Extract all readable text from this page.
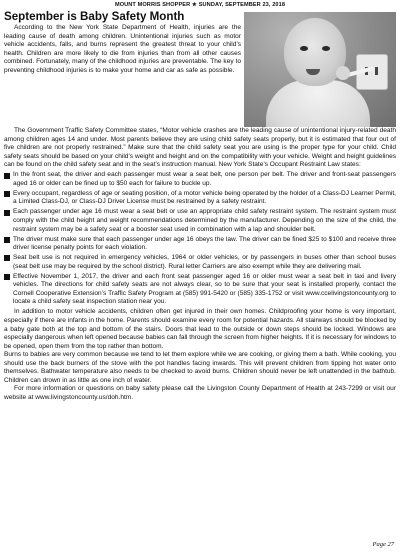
MOUNT MORRIS SHOPPER ★ SUNDAY, SEPTEMBER 23, 2018
September is Baby Safety Month

According to the New York State Department of Health, injuries are the leading cause of death among children. Unintentional injuries such as motor vehicle accidents, falls, and burns represent the greatest threat to your child’s health. Children are more likely to die from injuries than from all other causes combined. Fortunately, many of the childhood injuries are preventable. The key to preventing childhood injuries is to make your home and car as safe as possible.

The Government Traffic Safety Committee states, “Motor vehicle crashes are the leading cause of unintentional injury-related death among children ages 14 and under. Most parents believe they are using child safety seats properly, but it is estimated that four out of five children are not properly restrained.” Make sure that the child safety seat you are using is the proper type for your child. Child safety seats should be based on your child’s weight and height and on the compatibility with your vehicle. Weight and height guidelines can be found on the child safety seat and in the seat’s instruction manual. New York State’s Occupant Restraint Law states:

In the front seat, the driver and each passenger must wear a seat belt, one person per belt. The driver and front-seat passengers aged 16 or older can be fined up to $50 each for failure to buckle up.

Every occupant, regardless of age or seating position, of a motor vehicle being operated by the holder of a Class-DJ Learner Permit, a Limited Class-DJ, or Class-DJ Driver License must be restrained by a safety restraint.

Each passenger under age 16 must wear a seat belt or use an appropriate child safety restraint system. The restraint system must comply with the child height and weight recommendations determined by the manufacturer. Depending on the size of the child, the restraint system may be a safety seat or a booster seat used in combination with a lap and shoulder belt.

The driver must make sure that each passenger under age 16 obeys the law. The driver can be fined $25 to $100 and receive three driver license penalty points for each violation.

Seat belt use is not required in emergency vehicles, 1964 or older vehicles, or by passengers in buses other than school buses (seat belt use may be required by the school district). Rural letter Carriers are also exempt while they are delivering mail.

Effective November 1, 2017, the driver and each front seat passenger aged 16 or older must wear a seat belt in taxi and livery vehicles. The directions for child safety seats are not always clear, so to be sure that your seat is installed properly, contact the Cornell Cooperative Extension’s Traffic Safety Program at (585) 991-5420 or (585) 335-1752 or visit www.ccelivingstoncounty.org to locate a child safety seat inspection station near you.

In addition to motor vehicle accidents, children often get injured in their own homes. Childproofing your home is very important, especially if there are infants in the home. Parents should examine every room for potential hazards. All stairways should be blocked by a baby gate both at the top and bottom of the stairs. Doors that lead to the outside or down steps should be locked. Windows are especially dangerous when left opened because babies can fall through the screen from higher heights. If it is necessary for windows to be opened, open them from the top rather than bottom.

Burns to babies are very common because we tend to let them explore while we are cooking, or giving them a bath. While cooking, you should use the back burners of the stove with the pot handles facing inwards. This will prevent children from tipping hot water onto themselves. Bathwater temperature also needs to be checked to avoid burns. Children should never be left unattended in the bathtub. Children can drown in as little as one inch of water.

For more information or questions on baby safety please call the Livingston County Department of Health at 243-7299 or visit our website at www.livingstoncounty.us/doh.htm.

Page 27
